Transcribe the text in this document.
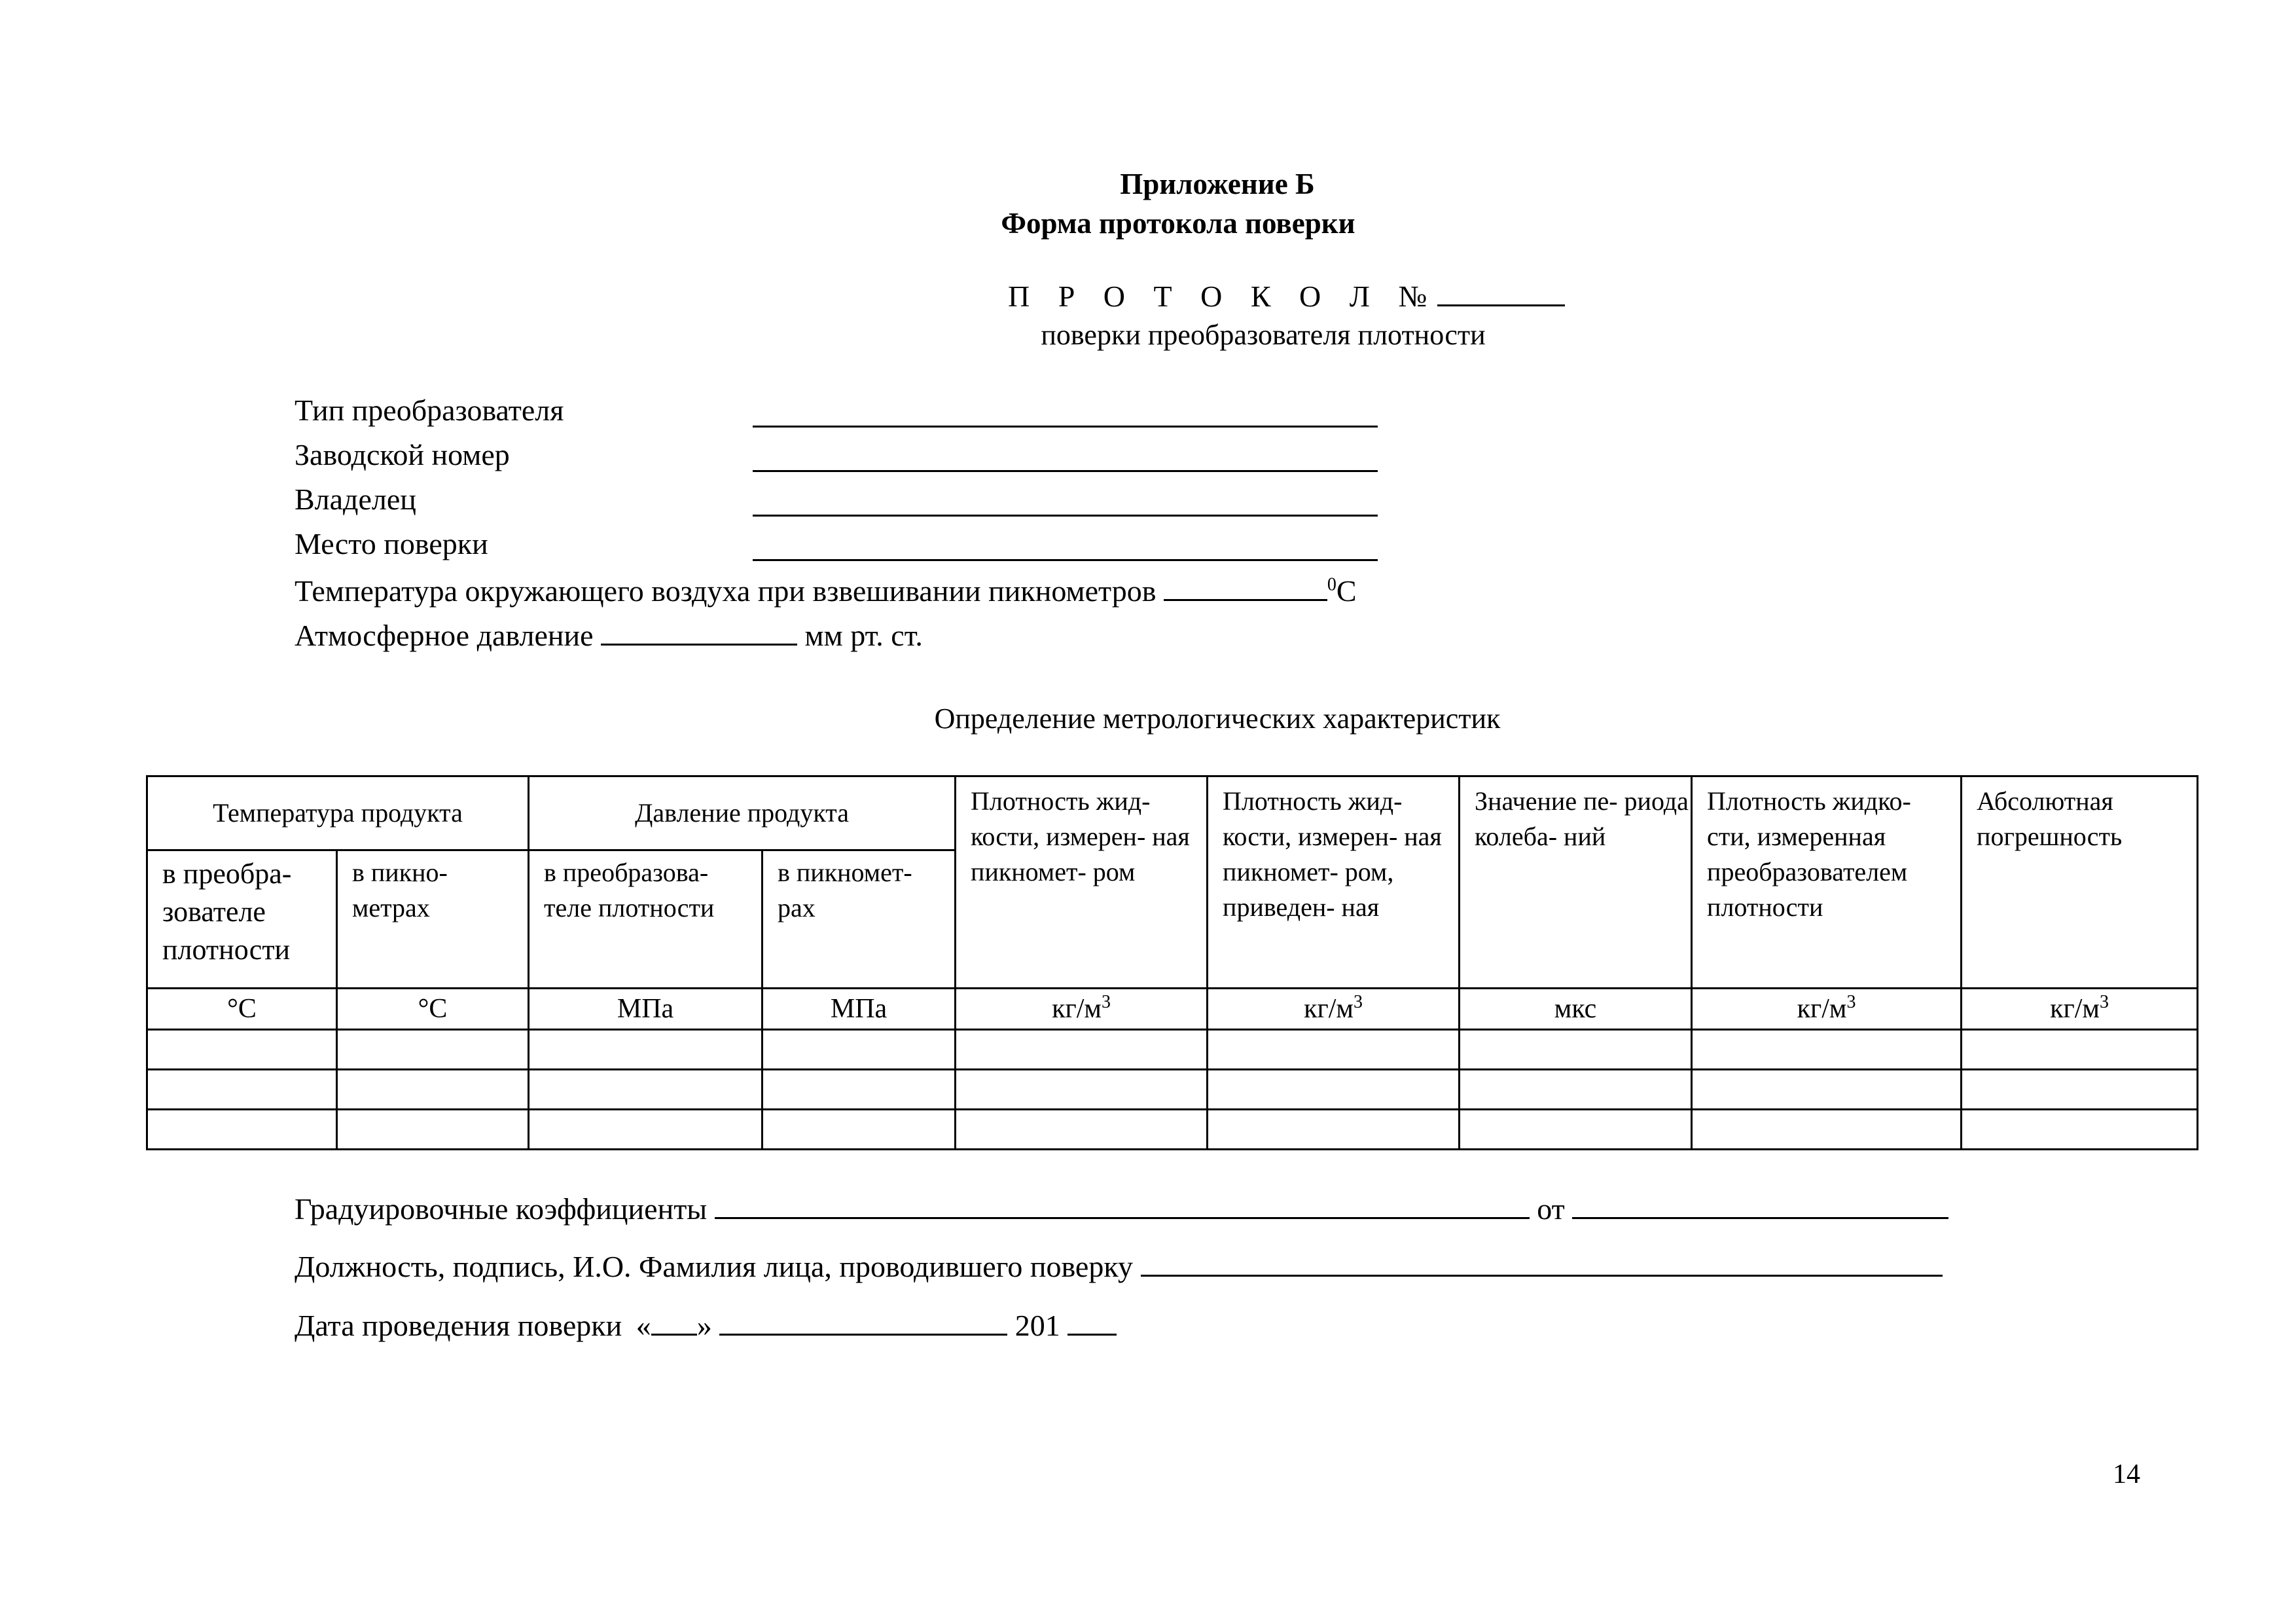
Приложение Б
Форма протокола поверки
П Р О Т О К О Л №
поверки преобразователя плотности
Тип преобразователя
Заводской номер
Владелец
Место поверки
Температура окружающего воздуха при взвешивании пикнометров	$^0$С
Атмосферное давление	мм рт. ст.
Определение метрологических характеристик
Температура продукта		Давление продукта		Плотность жид- кости, измерен- ная пикномет- ром	Плотность жид- кости, измерен- ная пикномет- ром, приведен- ная	Значение пе- риода колеба- ний	Плотность жидко- сти, измеренная преобразователем плотности	Абсолютная погрешность

в преобра- зователе плотности	в пикно- метрах	в преобразова- теле плотности	в пикномет- рах					

°С	°С	МПа	МПа	$кг/м^3$	$кг/м^3$	мкс	$кг/м^3$	$кг/м^3$

Градуировочные коэффициенты	от
Должность, подпись, И.О. Фамилия лица, проводившего поверку
Дата проведения поверки « »	201
14
